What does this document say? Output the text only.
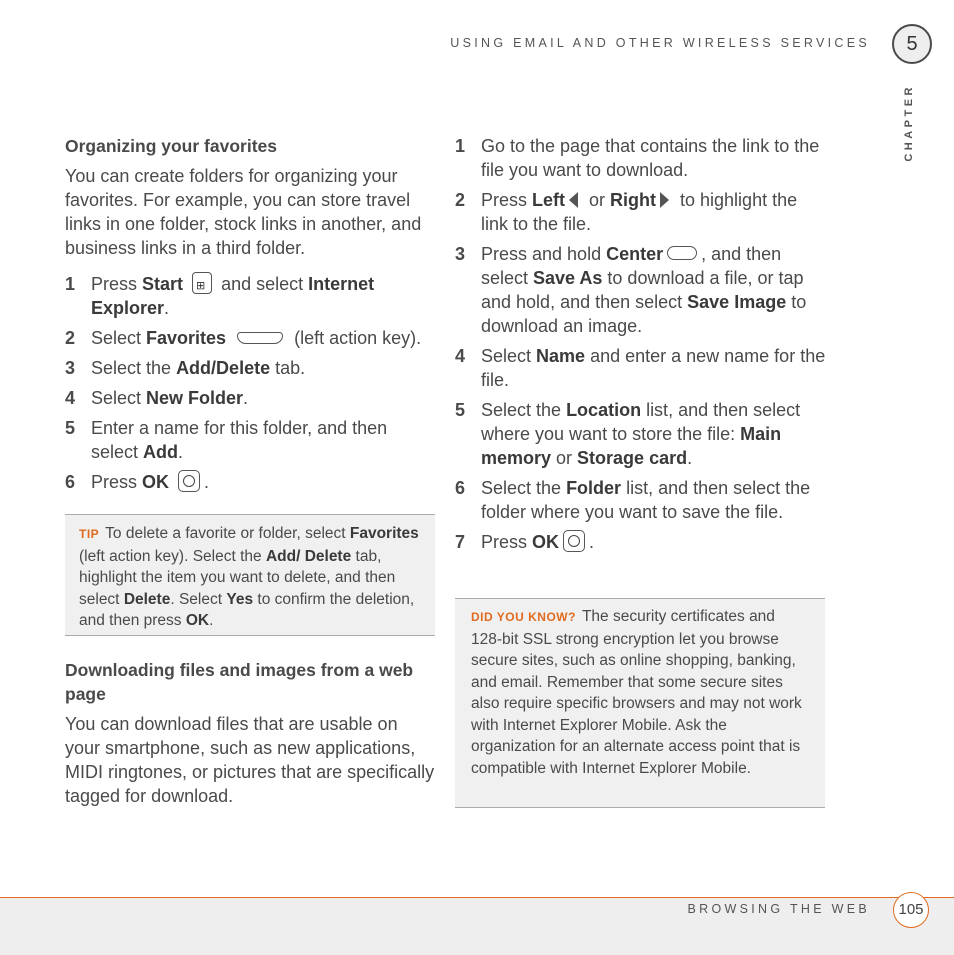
USING EMAIL AND OTHER WIRELESS SERVICES	5
CHAPTER
Organizing your favorites

You can create folders for organizing your favorites. For example, you can store travel links in one folder, stock links in another, and business links in a third folder.

1 Press Start ⊞ and select Internet Explorer.
2 Select Favorites	(left action key).
3 Select the Add/Delete tab.
4 Select New Folder.
5 Enter a name for this folder, and then select Add.
6 Press OK .
TIP To delete a favorite or folder, select Favorites (left action key). Select the Add/ Delete tab, highlight the item you want to delete, and then select Delete. Select Yes to confirm the deletion, and then press OK.
Downloading files and images from a web page

You can download files that are usable on your smartphone, such as new applications, MIDI ringtones, or pictures that are specifically tagged for download.

1 Go to the page that contains the link to the file you want to download.
2 Press Left or Right to highlight the link to the file.
3 Press and hold Center , and then select Save As to download a file, or tap and hold, and then select Save Image to download an image.
4 Select Name and enter a new name for the file.
5 Select the Location list, and then select where you want to store the file: Main memory or Storage card.
6 Select the Folder list, and then select the folder where you want to save the file.
7 Press OK .
DID YOU KNOW? The security certificates and 128-bit SSL strong encryption let you browse secure sites, such as online shopping, banking, and email. Remember that some secure sites also require specific browsers and may not work with Internet Explorer Mobile. Ask the organization for an alternate access point that is compatible with Internet Explorer Mobile.
BROWSING THE WEB	105
